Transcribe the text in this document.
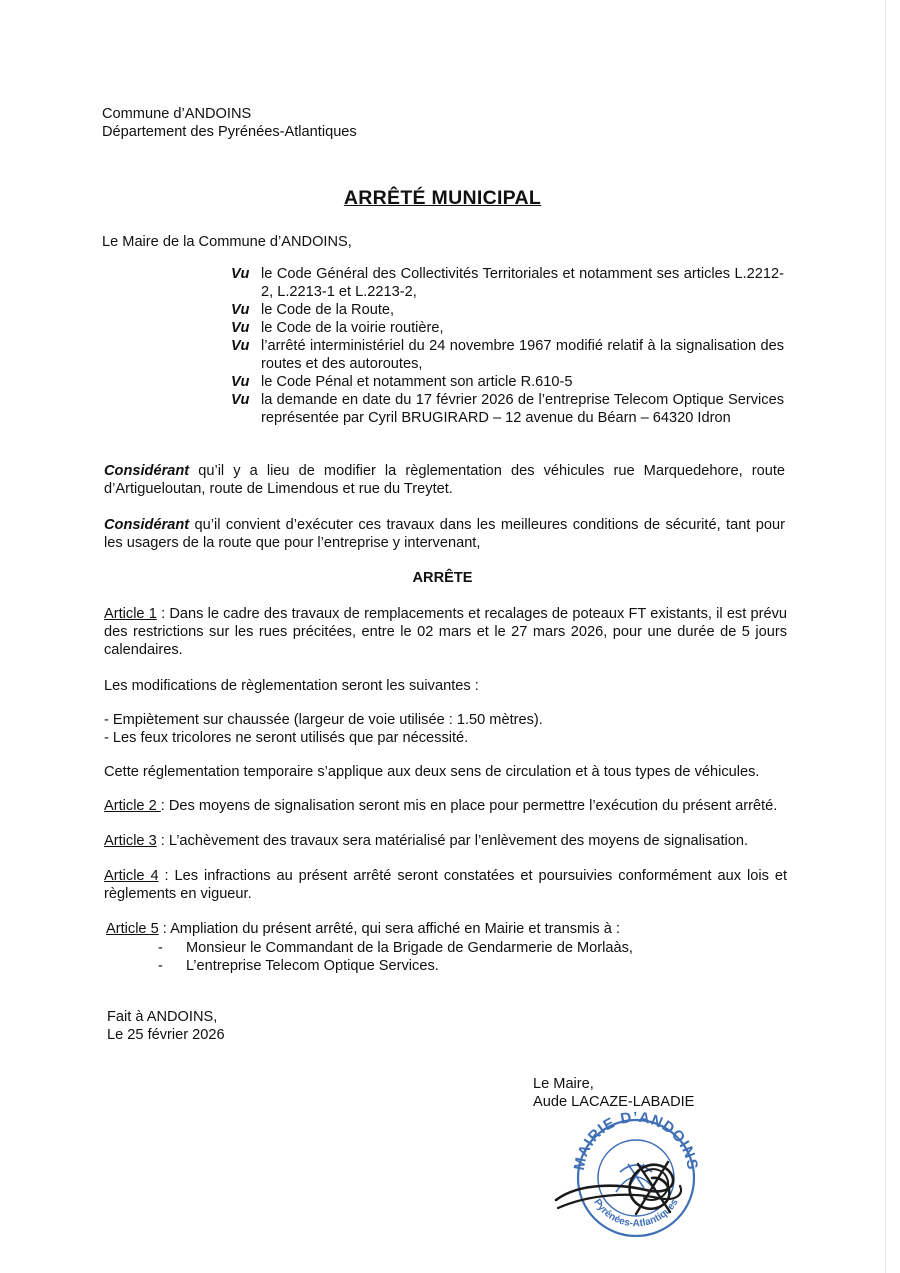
Commune d’ANDOINS
Département des Pyrénées-Atlantiques
ARRÊTÉ MUNICIPAL
Le Maire de la Commune d’ANDOINS,
Vu le Code Général des Collectivités Territoriales et notamment ses articles L.2212-2, L.2213-1 et L.2213-2,
Vu le Code de la Route,
Vu le Code de la voirie routière,
Vu l’arrêté interministériel du 24 novembre 1967 modifié relatif à la signalisation des routes et des autoroutes,
Vu le Code Pénal et notamment son article R.610-5
Vu la demande en date du 17 février 2026 de l’entreprise Telecom Optique Services représentée par Cyril BRUGIRARD – 12 avenue du Béarn – 64320 Idron
Considérant qu’il y a lieu de modifier la règlementation des véhicules rue Marquedehore, route d’Artigueloutan, route de Limendous et rue du Treytet.
Considérant qu’il convient d’exécuter ces travaux dans les meilleures conditions de sécurité, tant pour les usagers de la route que pour l’entreprise y intervenant,
ARRÊTE
Article 1 : Dans le cadre des travaux de remplacements et recalages de poteaux FT existants, il est prévu des restrictions sur les rues précitées, entre le 02 mars et le 27 mars 2026, pour une durée de 5 jours calendaires.
Les modifications de règlementation seront les suivantes :
- Empiètement sur chaussée (largeur de voie utilisée : 1.50 mètres).
- Les feux tricolores ne seront utilisés que par nécessité.
Cette réglementation temporaire s’applique aux deux sens de circulation et à tous types de véhicules.
Article 2 : Des moyens de signalisation seront mis en place pour permettre l’exécution du présent arrêté.
Article 3 : L’achèvement des travaux sera matérialisé par l’enlèvement des moyens de signalisation.
Article 4 : Les infractions au présent arrêté seront constatées et poursuivies conformément aux lois et règlements en vigueur.
Article 5 : Ampliation du présent arrêté, qui sera affiché en Mairie et transmis à :
-	Monsieur le Commandant de la Brigade de Gendarmerie de Morlaàs,
-	L’entreprise Telecom Optique Services.
Fait à ANDOINS,
Le 25 février 2026
Le Maire,
Aude LACAZE-LABADIE
MAIRIE D’ANDOINS
Pyrénées-Atlantiques
